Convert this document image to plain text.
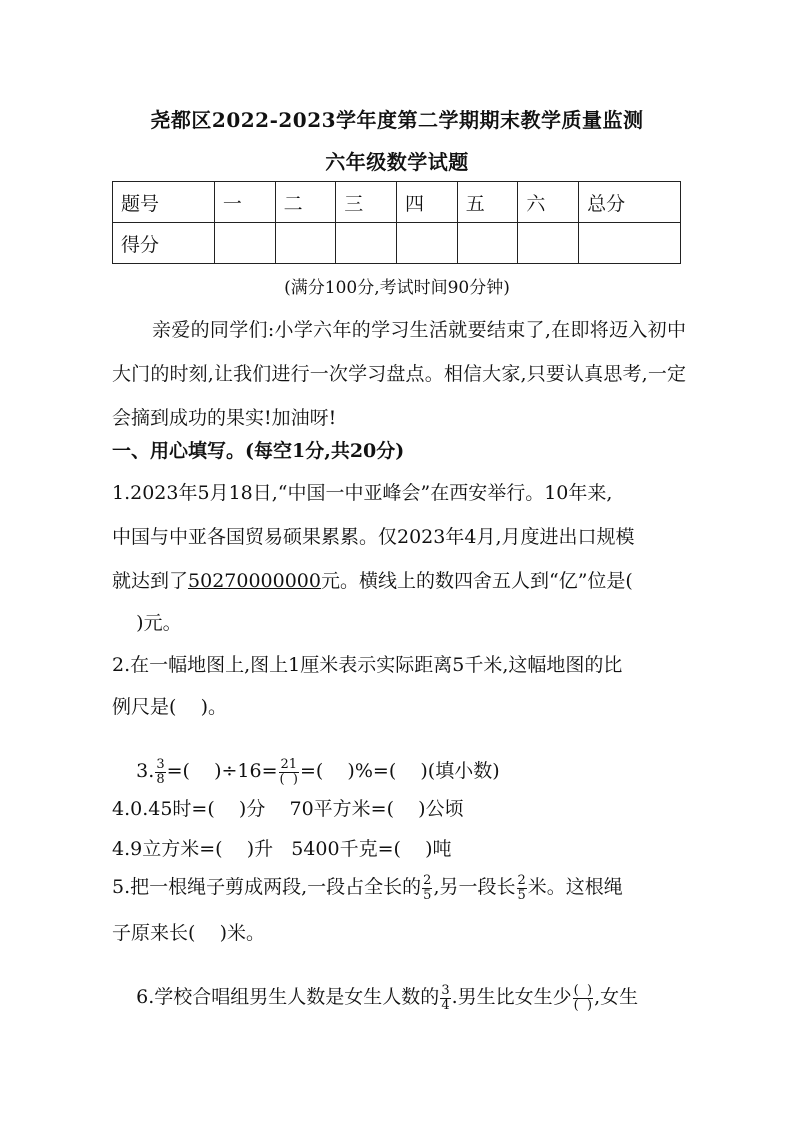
尧都区2022-2023学年度第二学期期末教学质量监测
六年级数学试题
题号	一	二	三	四	五	六	总分
得分							
(满分100分,考试时间90分钟)
亲爱的同学们:小学六年的学习生活就要结束了,在即将迈入初中大门的时刻,让我们进行一次学习盘点。相信大家,只要认真思考,一定会摘到成功的果实!加油呀!
一、用心填写。(每空1分,共20分)
1.2023年5月18日,“中国一中亚峰会”在西安举行。10年来,
中国与中亚各国贸易硕果累累。仅2023年4月,月度进出口规模
就达到了50270000000元。横线上的数四舍五人到“亿”位是(
)元。
2.在一幅地图上,图上1厘米表示实际距离5千米,这幅地图的比
例尺是(    )。

3. $\frac{3}{8}$ =(    )$\div 16= \frac{21}{( )}$ =(    )%=(    )(填小数)

4.0.45时=(    )分    70平方米=(    )公顷
4.9立方米=(    )升   5400千克=(    )吨
5.把一根绳子剪成两段,一段占全长的 $\frac{2}{5}$ ,另一段长 $\frac{2}{5}$ 米。这根绳
子原来长(    )米。

6.学校合唱组男生人数是女生人数的 $\frac{3}{4}$ .男生比女生少 $\frac{( )}{( )}$ ,女生
